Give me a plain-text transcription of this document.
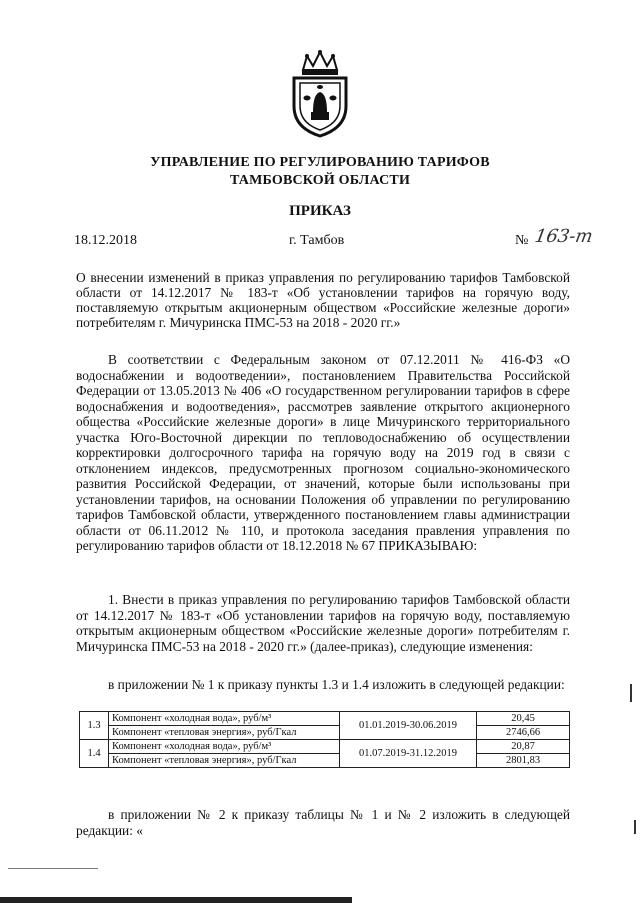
УПРАВЛЕНИЕ ПО РЕГУЛИРОВАНИЮ ТАРИФОВ
ТАМБОВСКОЙ ОБЛАСТИ
ПРИКАЗ
18.12.2018	г. Тамбов	№ 163-т
О внесении изменений в приказ управления по регулированию тарифов Тамбовской области от 14.12.2017 № 183-т «Об установлении тарифов на горячую воду, поставляемую открытым акционерным обществом «Российские железные дороги» потребителям г. Мичуринска ПМС-53 на 2018 - 2020 гг.»
В соответствии с Федеральным законом от 07.12.2011 № 416-ФЗ «О водоснабжении и водоотведении», постановлением Правительства Российской Федерации от 13.05.2013 № 406 «О государственном регулировании тарифов в сфере водоснабжения и водоотведения», рассмотрев заявление открытого акционерного общества «Российские железные дороги» в лице Мичуринского территориального участка Юго-Восточной дирекции по тепловодоснабжению об осуществлении корректировки долгосрочного тарифа на горячую воду на 2019 год в связи с отклонением индексов, предусмотренных прогнозом социально-экономического развития Российской Федерации, от значений, которые были использованы при установлении тарифов, на основании Положения об управлении по регулированию тарифов Тамбовской области, утвержденного постановлением главы администрации области от 06.11.2012 № 110, и протокола заседания правления управления по регулированию тарифов области от 18.12.2018 № 67 ПРИКАЗЫВАЮ:
1. Внести в приказ управления по регулированию тарифов Тамбовской области от 14.12.2017 № 183-т «Об установлении тарифов на горячую воду, поставляемую открытым акционерным обществом «Российские железные дороги» потребителям г. Мичуринска ПМС-53 на 2018 - 2020 гг.» (далее-приказ), следующие изменения:
в приложении № 1 к приказу пункты 1.3 и 1.4 изложить в следующей редакции:
1.3	Компонент «холодная вода», руб/м³	01.01.2019-30.06.2019	20,45
	Компонент «тепловая энергия», руб/Гкал		2746,66
1.4	Компонент «холодная вода», руб/м³	01.07.2019-31.12.2019	20,87
	Компонент «тепловая энергия», руб/Гкал		2801,83
в приложении № 2 к приказу таблицы № 1 и № 2 изложить в следующей редакции: «
